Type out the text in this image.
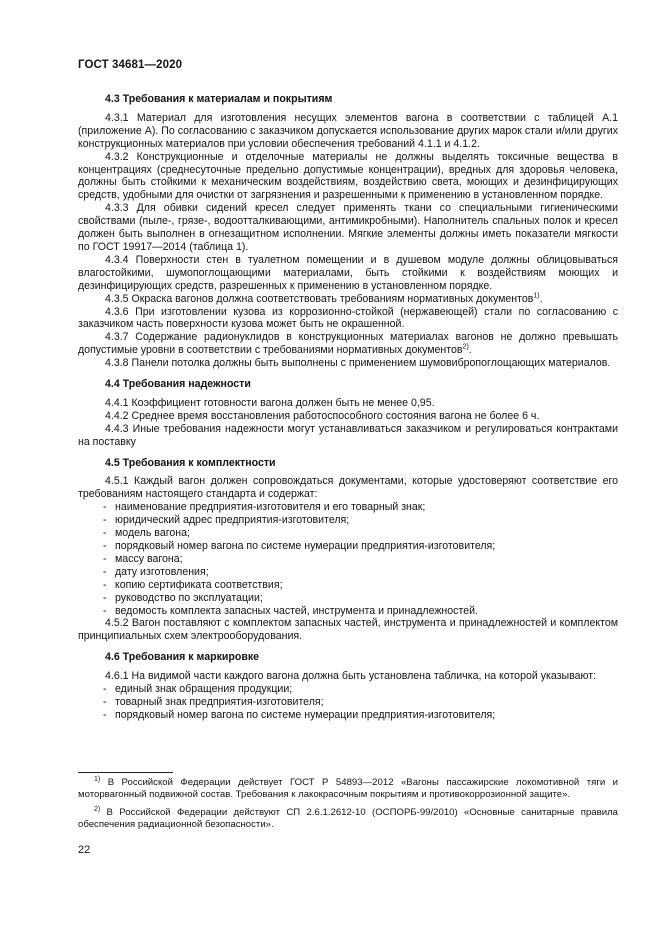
ГОСТ 34681—2020
4.3 Требования к материалам и покрытиям

4.3.1 Материал для изготовления несущих элементов вагона в соответствии с таблицей А.1 (приложение А). По согласованию с заказчиком допускается использование других марок стали и/или других конструкционных материалов при условии обеспечения требований 4.1.1 и 4.1.2.

4.3.2 Конструкционные и отделочные материалы не должны выделять токсичные вещества в концентрациях (среднесуточные предельно допустимые концентрации), вредных для здоровья человека, должны быть стойкими к механическим воздействиям, воздействию света, моющих и дезинфицирующих средств, удобными для очистки от загрязнения и разрешенными к применению в установленном порядке.

4.3.3 Для обивки сидений кресел следует применять ткани со специальными гигиеническими свойствами (пыле-, грязе-, водоотталкивающими, антимикробными). Наполнитель спальных полок и кресел должен быть выполнен в огнезащитном исполнении. Мягкие элементы должны иметь показатели мягкости по ГОСТ 19917—2014 (таблица 1).

4.3.4 Поверхности стен в туалетном помещении и в душевом модуле должны облицовываться влагостойкими, шумопоглощающими материалами, быть стойкими к воздействиям моющих и дезинфицирующих средств, разрешенных к применению в установленном порядке.

4.3.5 Окраска вагонов должна соответствовать требованиям нормативных документов$^{1)}$.

4.3.6 При изготовлении кузова из коррозионно-стойкой (нержавеющей) стали по согласованию с заказчиком часть поверхности кузова может быть не окрашенной.

4.3.7 Содержание радионуклидов в конструкционных материалах вагонов не должно превышать допустимые уровни в соответствии с требованиями нормативных документов$^{2)}$.

4.3.8 Панели потолка должны быть выполнены с применением шумовибропоглощающих материалов.

4.4 Требования надежности

4.4.1 Коэффициент готовности вагона должен быть не менее 0,95.

4.4.2 Среднее время восстановления работоспособного состояния вагона не более 6 ч.

4.4.3 Иные требования надежности могут устанавливаться заказчиком и регулироваться контрактами на поставку

4.5 Требования к комплектности

4.5.1 Каждый вагон должен сопровождаться документами, которые удостоверяют соответствие его требованиям настоящего стандарта и содержат:

- наименование предприятия-изготовителя и его товарный знак;

- юридический адрес предприятия-изготовителя;

- модель вагона;

- порядковый номер вагона по системе нумерации предприятия-изготовителя;

- массу вагона;

- дату изготовления;

- копию сертификата соответствия;

- руководство по эксплуатации;

- ведомость комплекта запасных частей, инструмента и принадлежностей.

4.5.2 Вагон поставляют с комплектом запасных частей, инструмента и принадлежностей и комплектом принципиальных схем электрооборудования.

4.6 Требования к маркировке

4.6.1 На видимой части каждого вагона должна быть установлена табличка, на которой указывают:

- единый знак обращения продукции;

- товарный знак предприятия-изготовителя;

- порядковый номер вагона по системе нумерации предприятия-изготовителя;

$^{1)}$ В Российской Федерации действует ГОСТ Р 54893—2012 «Вагоны пассажирские локомотивной тяги и моторвагонный подвижной состав. Требования к лакокрасочным покрытиям и противокоррозионной защите».

$^{2)}$ В Российской Федерации действуют СП 2.6.1.2612-10 (ОСПОРБ-99/2010) «Основные санитарные правила обеспечения радиационной безопасности».

22
